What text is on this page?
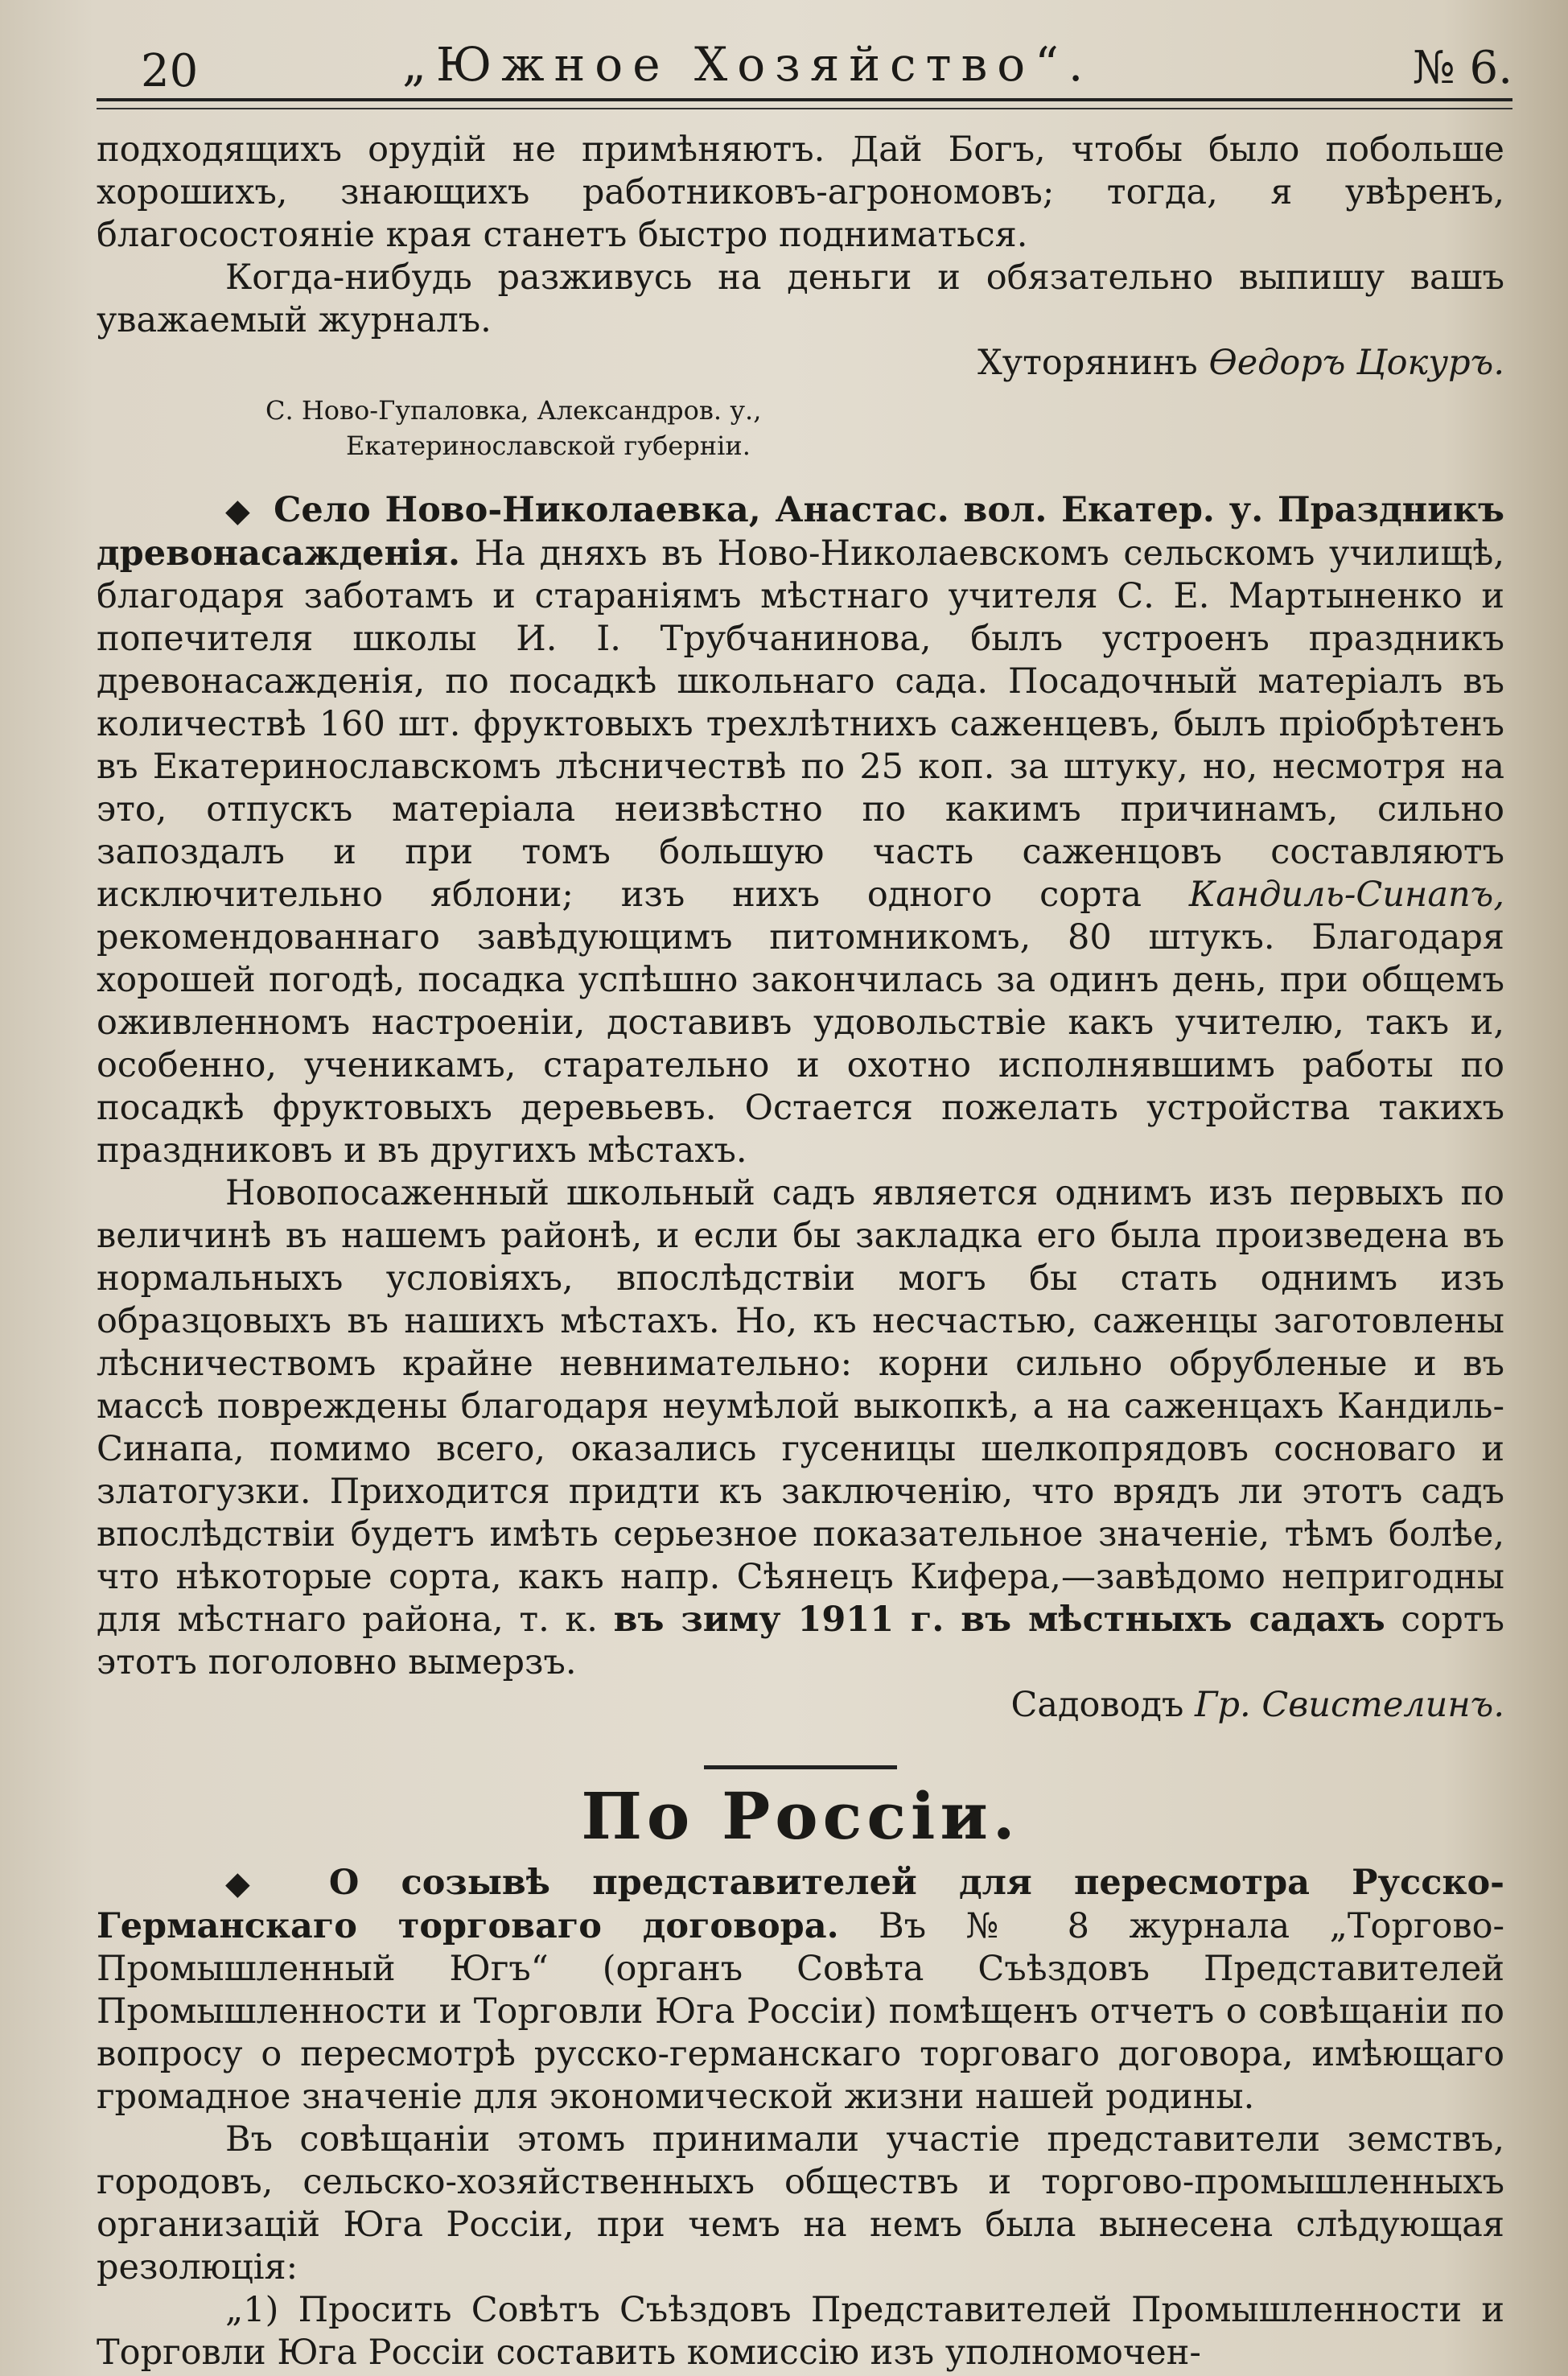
20	„Южное Хозяйство“.	№ 6.

подходящихъ орудій не примѣняютъ. Дай Богъ, чтобы было побольше хорошихъ, знающихъ работниковъ-агрономовъ; тогда, я увѣренъ, благосостояніе края станетъ быстро подниматься.

Когда-нибудь разживусь на деньги и обязательно выпишу вашъ уважаемый журналъ.

Хуторянинъ Ѳедоръ Цокуръ.

С. Ново-Гупаловка, Александров. у.,
Екатеринославской губерніи.

◆ Село Ново-Николаевка, Анастас. вол. Екатер. у. Праздникъ древонасажденія. На дняхъ въ Ново-Николаевскомъ сельскомъ училищѣ, благодаря заботамъ и стараніямъ мѣстнаго учителя С. Е. Мартыненко и попечителя школы И. І. Трубчанинова, былъ устроенъ праздникъ древонасажденія, по посадкѣ школьнаго сада. Посадочный матеріалъ въ количествѣ 160 шт. фруктовыхъ трехлѣтнихъ саженцевъ, былъ пріобрѣтенъ въ Екатеринославскомъ лѣсничествѣ по 25 коп. за штуку, но, несмотря на это, отпускъ матеріала неизвѣстно по какимъ причинамъ, сильно запоздалъ и при томъ большую часть саженцовъ составляютъ исключительно яблони; изъ нихъ одного сорта Кандиль-Синапъ, рекомендованнаго завѣдующимъ питомникомъ, 80 штукъ. Благодаря хорошей погодѣ, посадка успѣшно закончилась за одинъ день, при общемъ оживленномъ настроеніи, доставивъ удовольствіе какъ учителю, такъ и, особенно, ученикамъ, старательно и охотно исполнявшимъ работы по посадкѣ фруктовыхъ деревьевъ. Остается пожелать устройства такихъ праздниковъ и въ другихъ мѣстахъ.

Новопосаженный школьный садъ является однимъ изъ первыхъ по величинѣ въ нашемъ районѣ, и если бы закладка его была произведена въ нормальныхъ условіяхъ, впослѣдствіи могъ бы стать однимъ изъ образцовыхъ въ нашихъ мѣстахъ. Но, къ несчастью, саженцы заготовлены лѣсничествомъ крайне невнимательно: корни сильно обрубленые и въ массѣ повреждены благодаря неумѣлой выкопкѣ, а на саженцахъ Кандиль-Синапа, помимо всего, оказались гусеницы шелкопрядовъ сосноваго и златогузки. Приходится придти къ заключенію, что врядъ ли этотъ садъ впослѣдствіи будетъ имѣть серьезное показательное значеніе, тѣмъ болѣе, что нѣкоторые сорта, какъ напр. Сѣянецъ Кифера,—завѣдомо непригодны для мѣстнаго района, т. к. въ зиму 1911 г. въ мѣстныхъ садахъ сортъ этотъ поголовно вымерзъ.

Садоводъ Гр. Свистелинъ.

По Россіи.

◆ О созывѣ представителей для пересмотра Русско-Германскаго торговаго договора. Въ № 8 журнала „Торгово-Промышленный Югъ“ (органъ Совѣта Съѣздовъ Представителей Промышленности и Торговли Юга Россіи) помѣщенъ отчетъ о совѣщаніи по вопросу о пересмотрѣ русско-германскаго торговаго договора, имѣющаго громадное значеніе для экономической жизни нашей родины.

Въ совѣщаніи этомъ принимали участіе представители земствъ, городовъ, сельско-хозяйственныхъ обществъ и торгово-промышленныхъ организацій Юга Россіи, при чемъ на немъ была вынесена слѣдующая резолюція:

„1) Просить Совѣтъ Съѣздовъ Представителей Промышленности и Торговли Юга Россіи составить комиссію изъ уполномочен-
